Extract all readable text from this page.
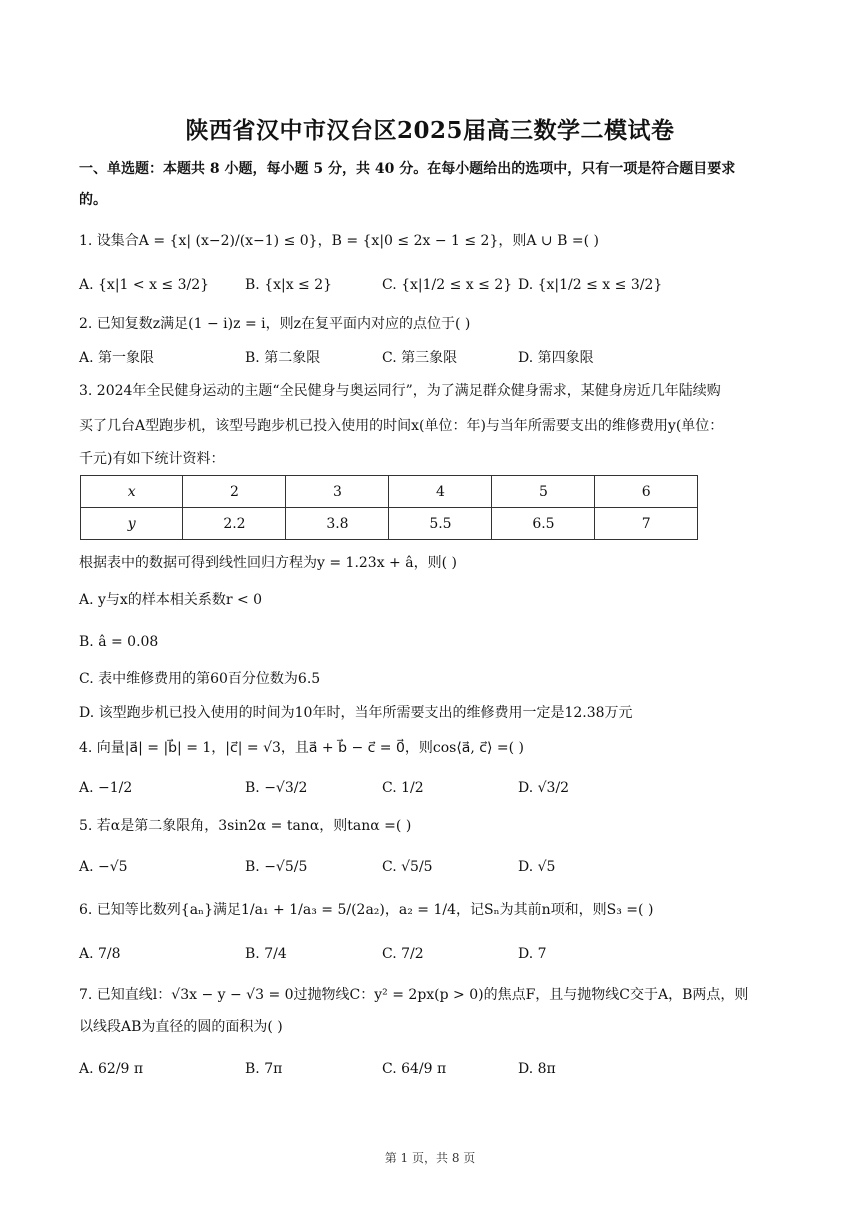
陕西省汉中市汉台区2025届高三数学二模试卷
一、单选题：本题共 8 小题，每小题 5 分，共 40 分。在每小题给出的选项中，只有一项是符合题目要求
的。
1. 设集合A = {x| (x−2)/(x−1) ≤ 0}，B = {x|0 ≤ 2x − 1 ≤ 2}，则A ∪ B =( )
A. {x|1 < x ≤ 3/2}	B. {x|x ≤ 2}	C. {x|1/2 ≤ x ≤ 2} D. {x|1/2 ≤ x ≤ 3/2}
2. 已知复数z满足(1 − i)z = i，则z在复平面内对应的点位于( )
A. 第一象限	B. 第二象限	C. 第三象限	D. 第四象限
3. 2024年全民健身运动的主题“全民健身与奥运同行”，为了满足群众健身需求，某健身房近几年陆续购
买了几台A型跑步机，该型号跑步机已投入使用的时间x(单位：年)与当年所需要支出的维修费用y(单位：
千元)有如下统计资料：
x	2	3	4	5	6
y	2.2	3.8	5.5	6.5	7
根据表中的数据可得到线性回归方程为y = 1.23x + â，则( )
A. y与x的样本相关系数r < 0
B. â = 0.08
C. 表中维修费用的第60百分位数为6.5
D. 该型跑步机已投入使用的时间为10年时，当年所需要支出的维修费用一定是12.38万元
4. 向量|a⃗| = |b⃗| = 1，|c⃗| = √3，且a⃗ + b⃗ − c⃗ = 0⃗，则cos⟨a⃗, c⃗⟩ =( )
A. −1/2	B. −√3/2	C. 1/2	D. √3/2
5. 若α是第二象限角，3sin2α = tanα，则tanα =( )
A. −√5	B. −√5/5	C. √5/5	D. √5
6. 已知等比数列{aₙ}满足1/a₁ + 1/a₃ = 5/(2a₂)，a₂ = 1/4，记Sₙ为其前n项和，则S₃ =( )
A. 7/8	B. 7/4	C. 7/2	D. 7
7. 已知直线l：√3x − y − √3 = 0过抛物线C：y² = 2px(p > 0)的焦点F，且与抛物线C交于A，B两点，则
以线段AB为直径的圆的面积为( )
A. 62/9 π	B. 7π	C. 64/9 π	D. 8π
第 1 页，共 8 页
